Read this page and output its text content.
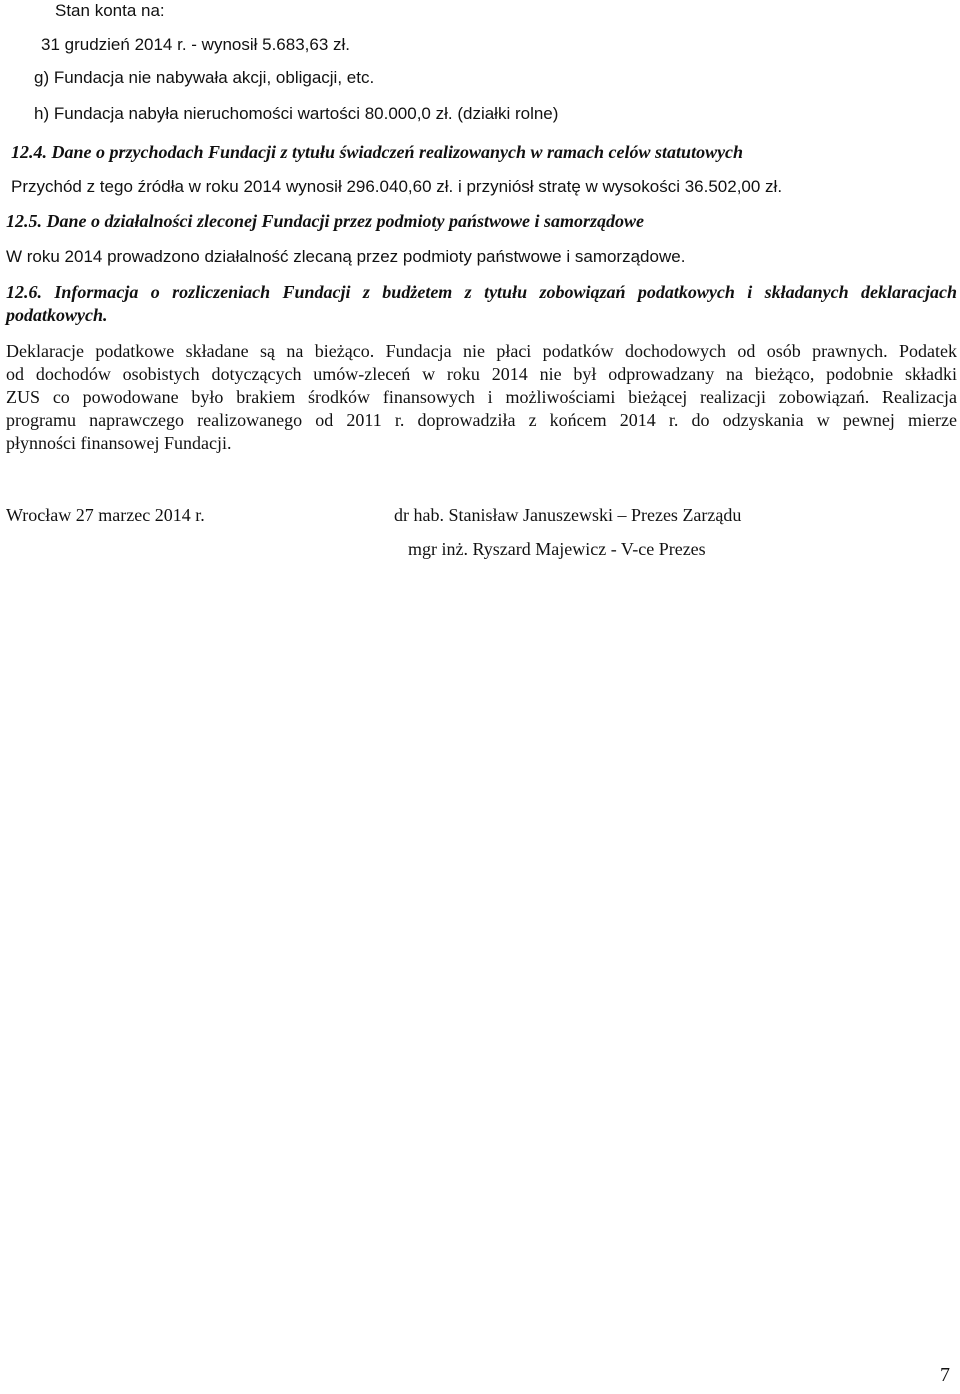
Stan konta na:
31 grudzień 2014 r. - wynosił 5.683,63 zł.
g) Fundacja nie nabywała akcji, obligacji, etc.
h) Fundacja nabyła nieruchomości wartości 80.000,0 zł. (działki rolne)
12.4. Dane o przychodach Fundacji z tytułu świadczeń realizowanych w ramach celów statutowych
Przychód z tego źródła w roku 2014 wynosił 296.040,60 zł. i przyniósł stratę w wysokości 36.502,00 zł.
12.5. Dane o działalności zleconej Fundacji przez podmioty państwowe i samorządowe
W roku 2014 prowadzono działalność zlecaną przez podmioty państwowe i samorządowe.
12.6. Informacja o rozliczeniach Fundacji z budżetem z tytułu zobowiązań podatkowych i składanych deklaracjach
podatkowych.
Deklaracje podatkowe składane są na bieżąco. Fundacja nie płaci podatków dochodowych od osób prawnych. Podatek
od dochodów osobistych dotyczących umów-zleceń w roku 2014 nie był odprowadzany na bieżąco, podobnie składki
ZUS co powodowane było brakiem środków finansowych i możliwościami bieżącej realizacji zobowiązań. Realizacja
programu naprawczego realizowanego od 2011 r. doprowadziła z końcem 2014 r. do odzyskania w pewnej mierze
płynności finansowej Fundacji.
Wrocław 27 marzec 2014 r.	dr hab. Stanisław Januszewski – Prezes Zarządu
mgr inż. Ryszard Majewicz - V-ce Prezes
7
